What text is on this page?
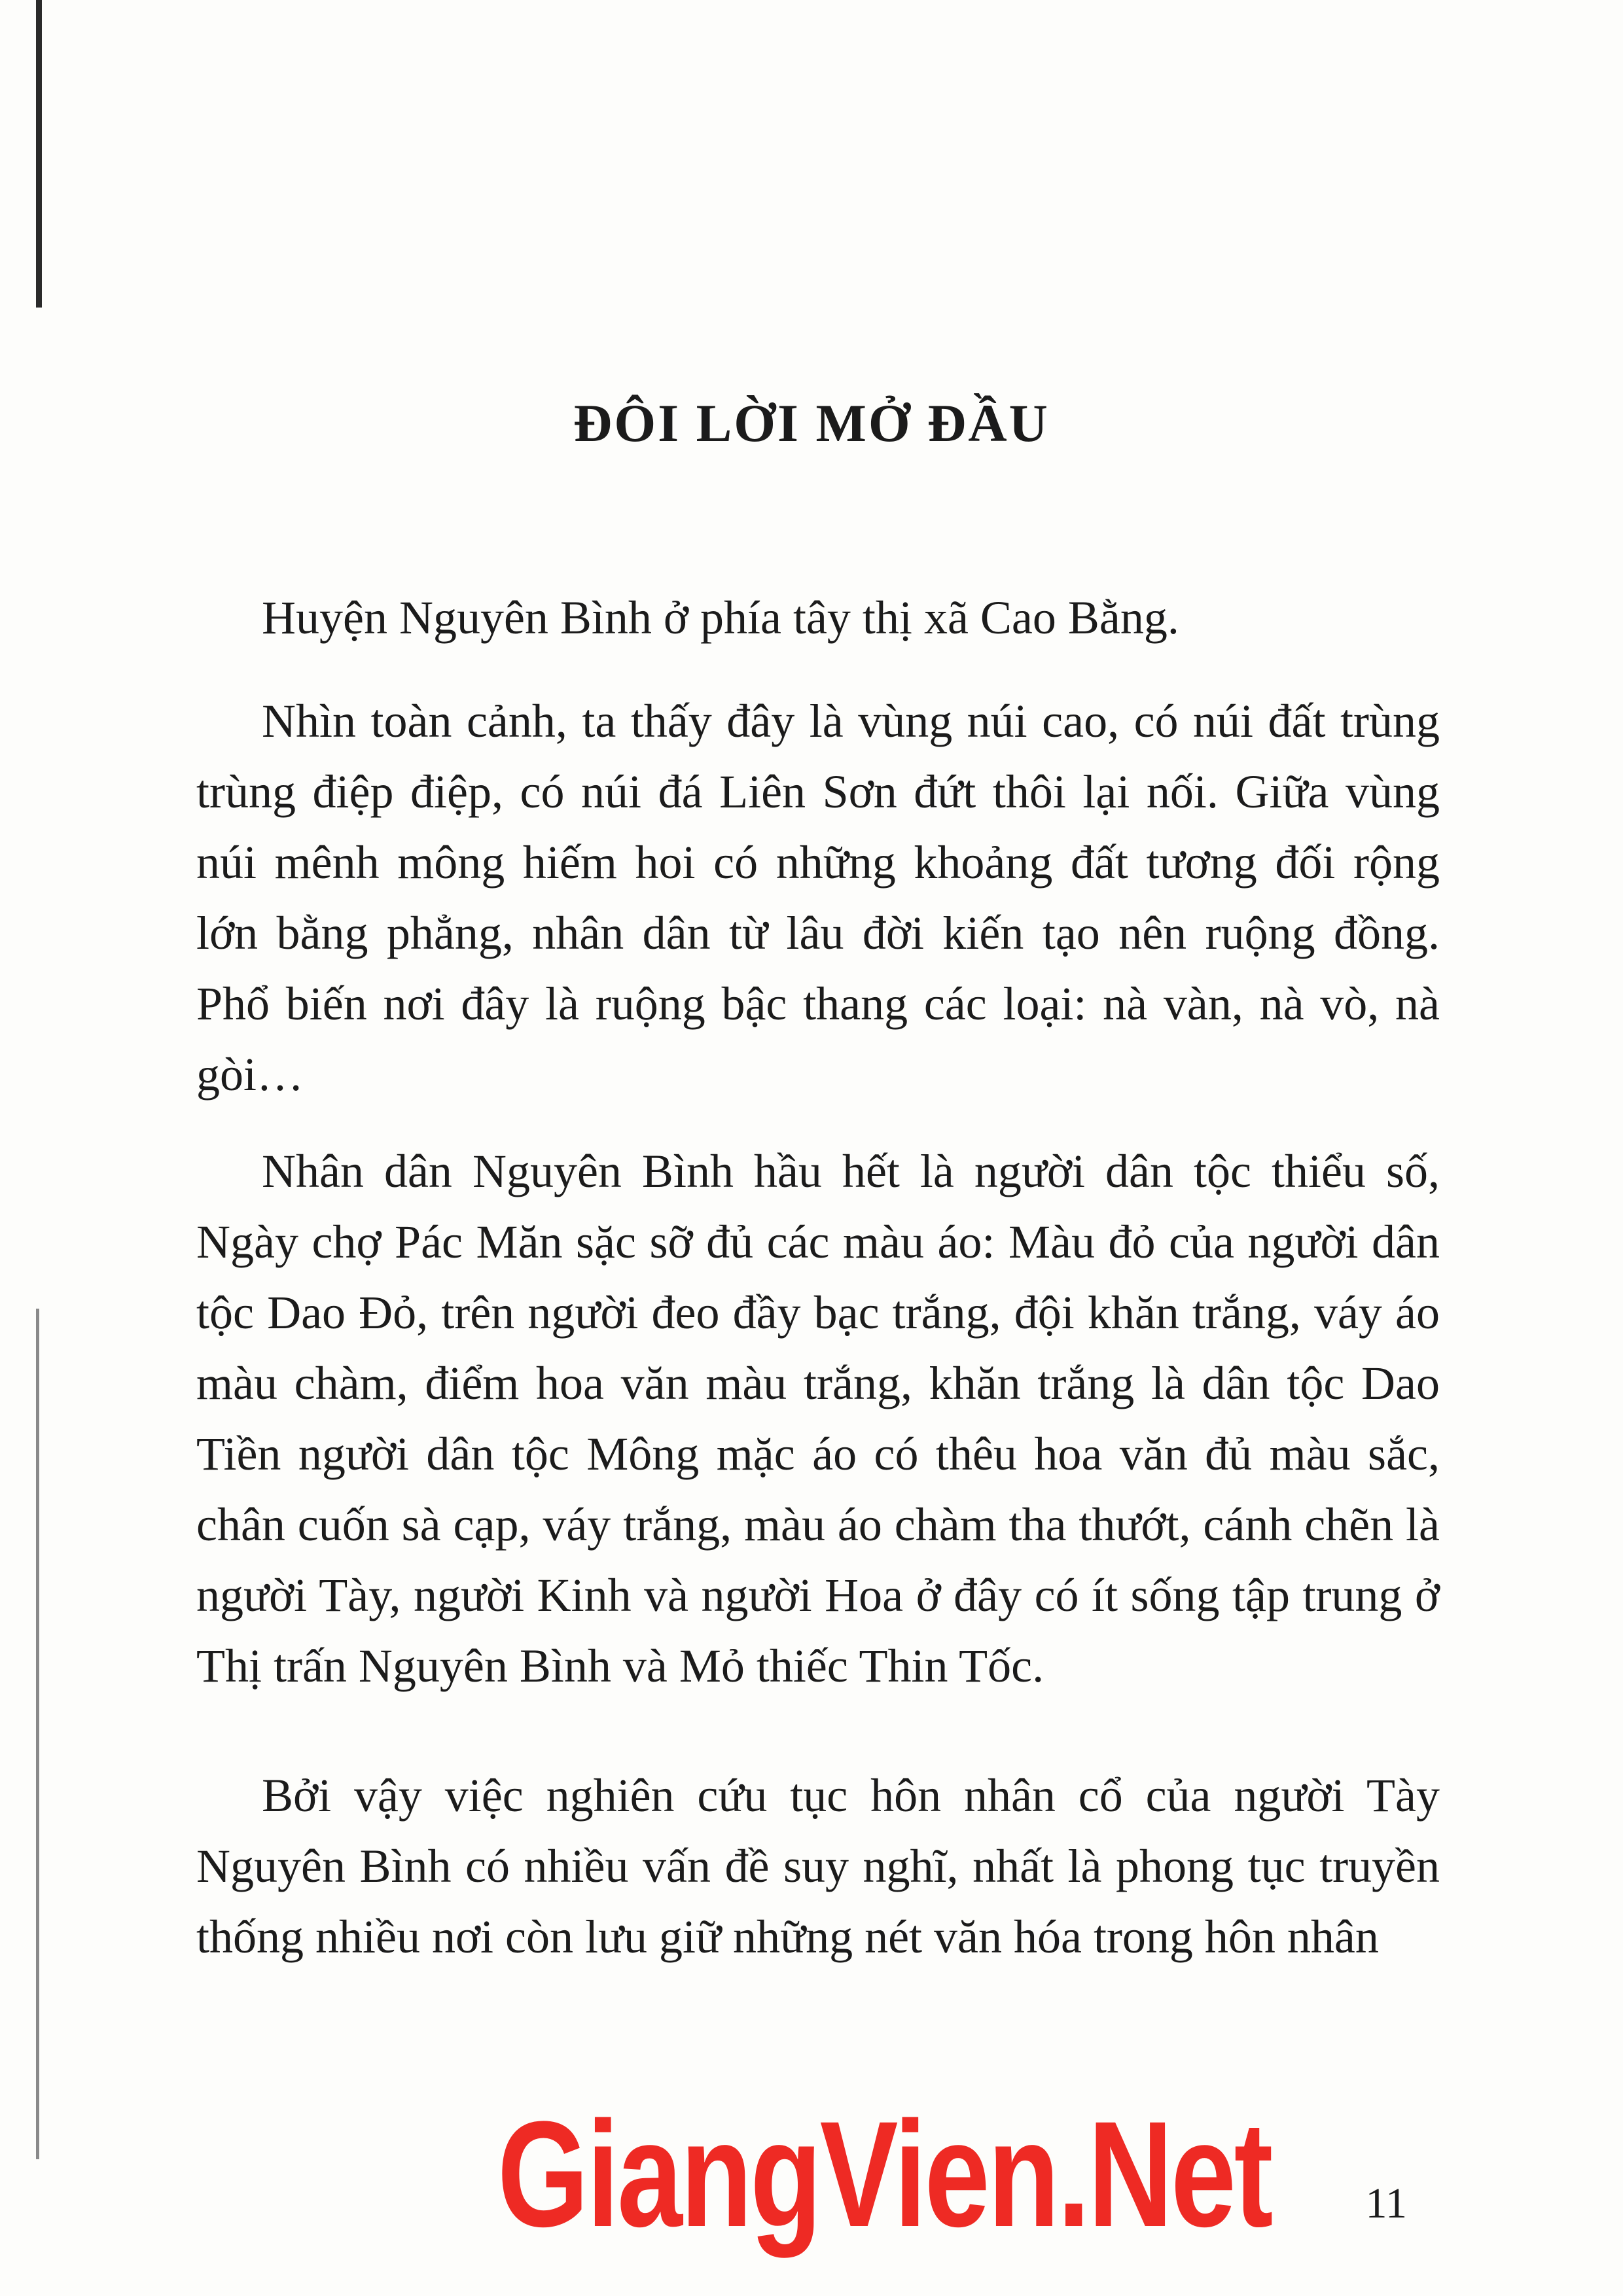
ĐÔI LỜI MỞ ĐẦU

Huyện Nguyên Bình ở phía tây thị xã Cao Bằng.

Nhìn toàn cảnh, ta thấy đây là vùng núi cao, có núi đất trùng trùng điệp điệp, có núi đá Liên Sơn đứt thôi lại nối. Giữa vùng núi mênh mông hiếm hoi có những khoảng đất tương đối rộng lớn bằng phẳng, nhân dân từ lâu đời kiến tạo nên ruộng đồng. Phổ biến nơi đây là ruộng bậc thang các loại: nà vàn, nà vò, nà gòi…

Nhân dân Nguyên Bình hầu hết là người dân tộc thiểu số, Ngày chợ Pác Măn sặc sỡ đủ các màu áo: Màu đỏ của người dân tộc Dao Đỏ, trên người đeo đầy bạc trắng, đội khăn trắng, váy áo màu chàm, điểm hoa văn màu trắng, khăn trắng là dân tộc Dao Tiền người dân tộc Mông mặc áo có thêu hoa văn đủ màu sắc, chân cuốn sà cạp, váy trắng, màu áo chàm tha thướt, cánh chẽn là người Tày, người Kinh và người Hoa ở đây có ít sống tập trung ở Thị trấn Nguyên Bình và Mỏ thiếc Thin Tốc.

Bởi vậy việc nghiên cứu tục hôn nhân cổ của người Tày Nguyên Bình có nhiều vấn đề suy nghĩ, nhất là phong tục truyền thống nhiều nơi còn lưu giữ những nét văn hóa trong hôn nhân

GiangVien.Net 11
